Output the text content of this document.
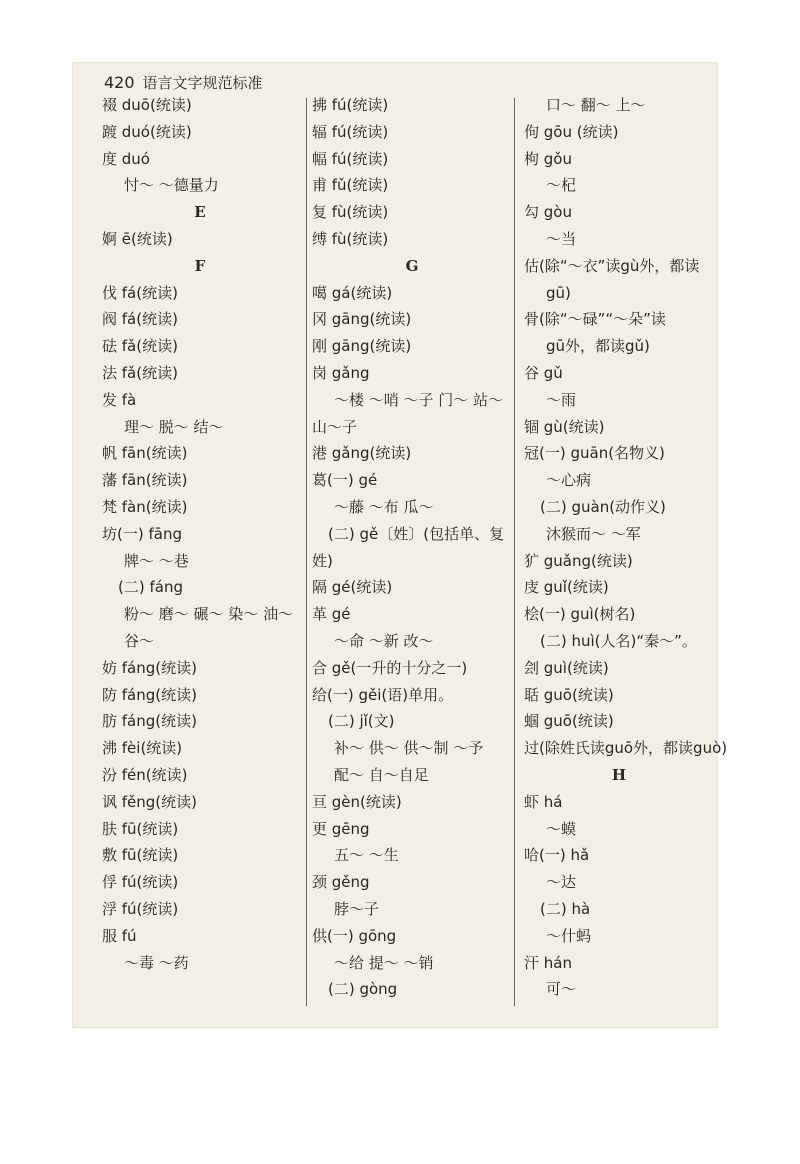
420 语言文字规范标准
裰 duō(统读)
踱 duó(统读)
度 duó
忖～ ～德量力
E
婀 ē(统读)
F
伐 fá(统读)
阀 fá(统读)
砝 fǎ(统读)
法 fǎ(统读)
发 fà
理～ 脱～ 结～
帆 fān(统读)
藩 fān(统读)
梵 fàn(统读)
坊(一) fāng
牌～ ～巷
(二) fáng
粉～ 磨～ 碾～ 染～ 油～
谷～
妨 fáng(统读)
防 fáng(统读)
肪 fáng(统读)
沸 fèi(统读)
汾 fén(统读)
讽 fěng(统读)
肤 fū(统读)
敷 fū(统读)
俘 fú(统读)
浮 fú(统读)
服 fú
～毒 ～药
拂 fú(统读)
辐 fú(统读)
幅 fú(统读)
甫 fǔ(统读)
复 fù(统读)
缚 fù(统读)
G
噶 gá(统读)
冈 gāng(统读)
刚 gāng(统读)
岗 gǎng
～楼 ～哨 ～子 门～ 站～
山～子
港 gǎng(统读)
葛(一) gé
～藤 ～布 瓜～
(二) gě〔姓〕(包括单、复
姓)
隔 gé(统读)
革 gé
～命 ～新 改～
合 gě(一升的十分之一)
给(一) gěi(语)单用。
(二) jǐ(文)
补～ 供～ 供～制 ～予
配～ 自～自足
亘 gèn(统读)
更 gēng
五～ ～生
颈 gěng
脖～子
供(一) gōng
～给 提～ ～销
(二) gòng
口～ 翻～ 上～
佝 gōu (统读)
枸 gǒu
～杞
勾 gòu
～当
估(除“～衣”读gù外，都读
gū)
骨(除“～碌”“～朵”读
gū外，都读gǔ)
谷 gǔ
～雨
锢 gù(统读)
冠(一) guān(名物义)
～心病
(二) guàn(动作义)
沐猴而～ ～军
犷 guǎng(统读)
庋 guǐ(统读)
桧(一) guì(树名)
(二) huì(人名)“秦～”。
刽 guì(统读)
聒 guō(统读)
蝈 guō(统读)
过(除姓氏读guō外，都读guò)
H
虾 há
～蟆
哈(一) hǎ
～达
(二) hà
～什蚂
汗 hán
可～
